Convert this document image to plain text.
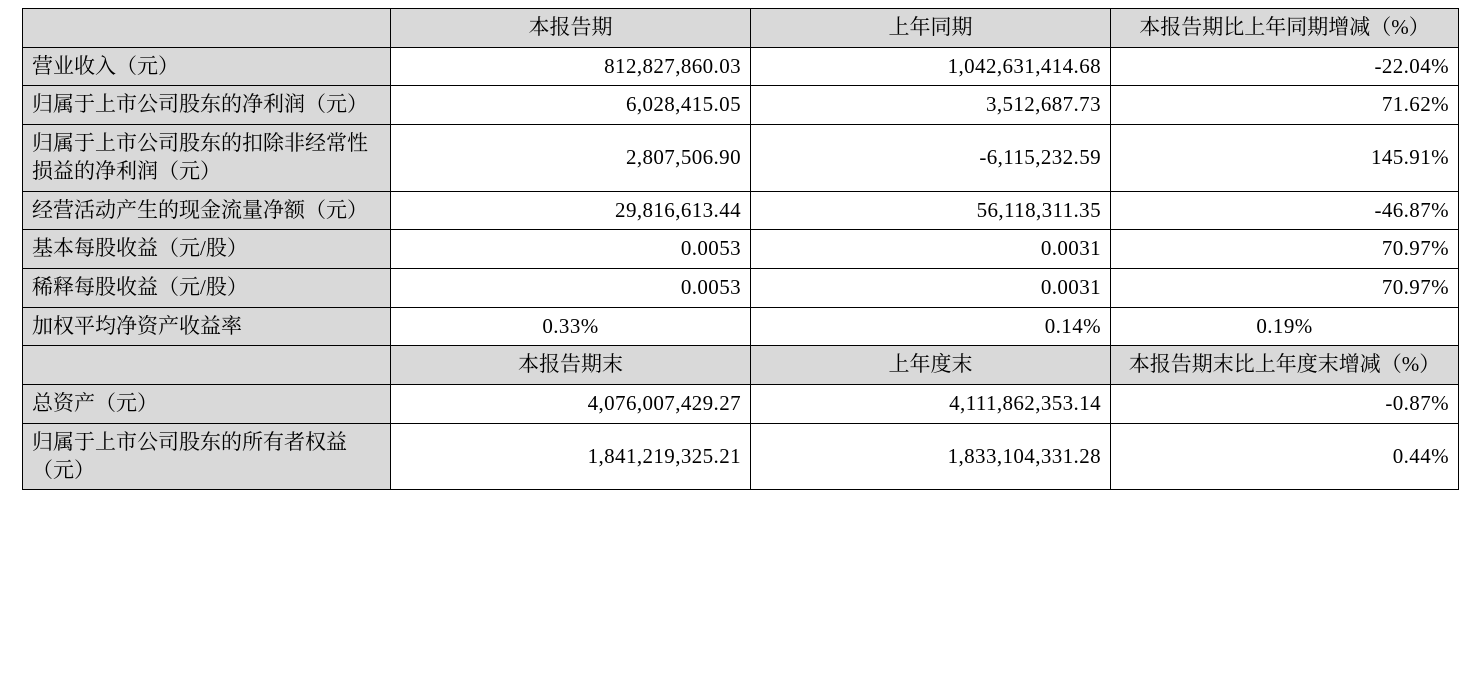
	本报告期	上年同期	本报告期比上年同期增减（%）
营业收入（元）	812,827,860.03	1,042,631,414.68	-22.04%
归属于上市公司股东的净利润（元）	6,028,415.05	3,512,687.73	71.62%
归属于上市公司股东的扣除非经常性损益的净利润（元）	2,807,506.90	-6,115,232.59	145.91%
经营活动产生的现金流量净额（元）	29,816,613.44	56,118,311.35	-46.87%
基本每股收益（元/股）	0.0053	0.0031	70.97%
稀释每股收益（元/股）	0.0053	0.0031	70.97%
加权平均净资产收益率	0.33%	0.14%	0.19%
	本报告期末	上年度末	本报告期末比上年度末增减（%）
总资产（元）	4,076,007,429.27	4,111,862,353.14	-0.87%
归属于上市公司股东的所有者权益（元）	1,841,219,325.21	1,833,104,331.28	0.44%
